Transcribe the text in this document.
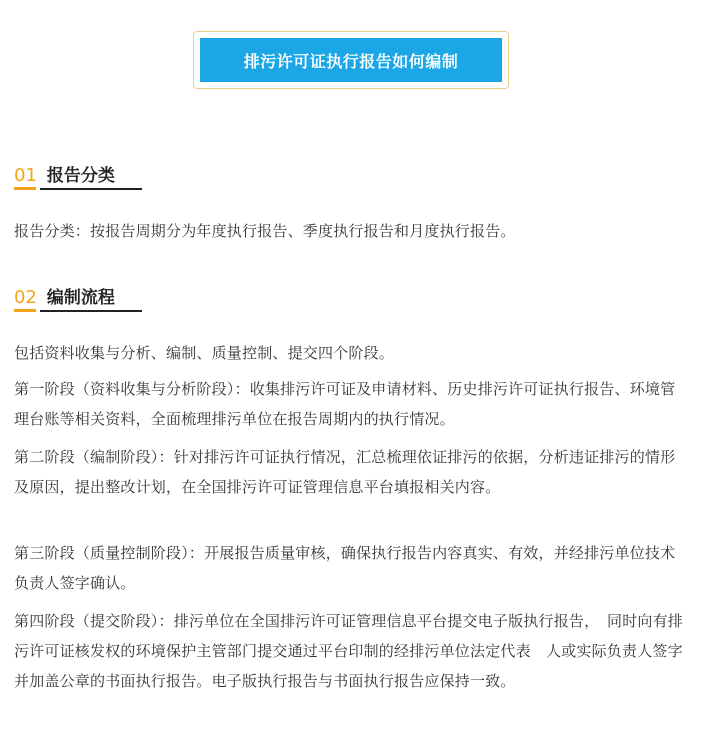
排污许可证执行报告如何编制
01 报告分类

报告分类：按报告周期分为年度执行报告、季度执行报告和月度执行报告。

02 编制流程

包括资料收集与分析、编制、质量控制、提交四个阶段。

第一阶段（资料收集与分析阶段）：收集排污许可证及申请材料、历史排污许可证执行报告、环境管理台账等相关资料，全面梳理排污单位在报告周期内的执行情况。

第二阶段（编制阶段）：针对排污许可证执行情况，汇总梳理依证排污的依据，分析违证排污的情形及原因，提出整改计划，在全国排污许可证管理信息平台填报相关内容。

第三阶段（质量控制阶段）：开展报告质量审核，确保执行报告内容真实、有效，并经排污单位技术负责人签字确认。

第四阶段（提交阶段）：排污单位在全国排污许可证管理信息平台提交电子版执行报告，　同时向有排污许可证核发权的环境保护主管部门提交通过平台印制的经排污单位法定代表　人或实际负责人签字并加盖公章的书面执行报告。电子版执行报告与书面执行报告应保持一致。
